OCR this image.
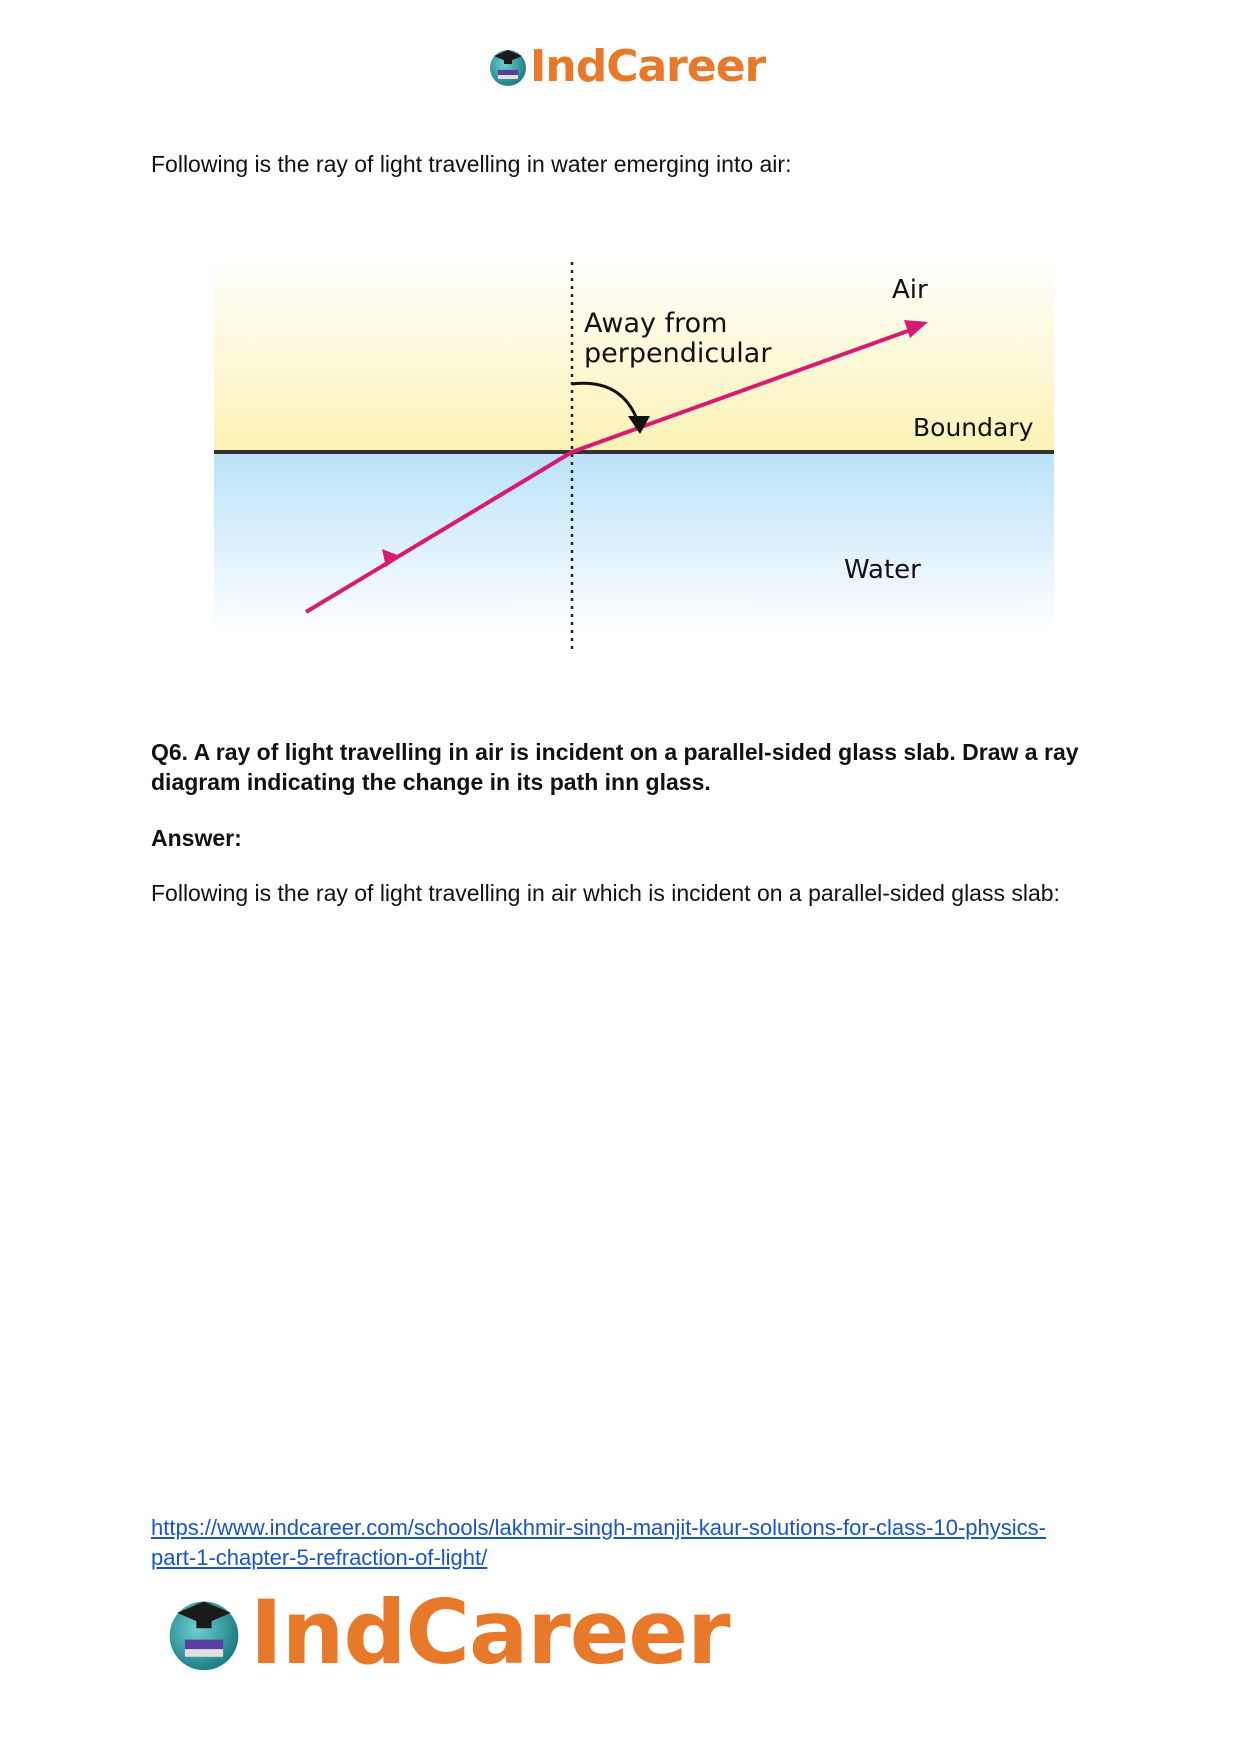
IndCareer
Following is the ray of light travelling in water emerging into air:
Air
Away from
perpendicular
Boundary
Water
Q6. A ray of light travelling in air is incident on a parallel-sided glass slab. Draw a ray
diagram indicating the change in its path inn glass.
Answer:
Following is the ray of light travelling in air which is incident on a parallel-sided glass slab:
https://www.indcareer.com/schools/lakhmir-singh-manjit-kaur-solutions-for-class-10-physics-
part-1-chapter-5-refraction-of-light/
IndCareer
